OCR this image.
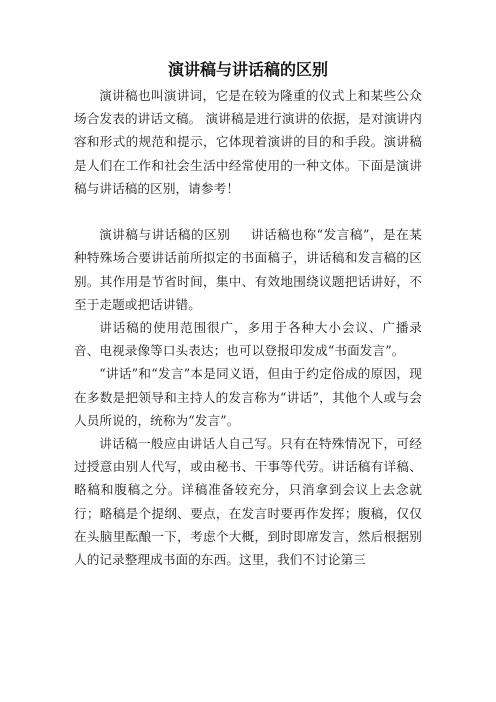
演讲稿与讲话稿的区别

演讲稿也叫演讲词，它是在较为隆重的仪式上和某些公众场合发表的讲话文稿。 演讲稿是进行演讲的依据，是对演讲内容和形式的规范和提示，它体现着演讲的目的和手段。演讲稿是人们在工作和社会生活中经常使用的一种文体。下面是演讲稿与讲话稿的区别，请参考！

演讲稿与讲话稿的区别 讲话稿也称“发言稿”，是在某种特殊场合要讲话前所拟定的书面稿子，讲话稿和发言稿的区别。其作用是节省时间，集中、有效地围绕议题把话讲好，不至于走题或把话讲错。

讲话稿的使用范围很广，多用于各种大小会议、广播录音、电视录像等口头表达；也可以登报印发成“书面发言”。

“讲话”和“发言”本是同义语，但由于约定俗成的原因，现在多数是把领导和主持人的发言称为“讲话”，其他个人或与会人员所说的，统称为“发言”。

讲话稿一般应由讲话人自己写。只有在特殊情况下，可经过授意由别人代写，或由秘书、干事等代劳。讲话稿有详稿、略稿和腹稿之分。详稿准备较充分，只消拿到会议上去念就行；略稿是个提纲、要点，在发言时要再作发挥；腹稿，仅仅在头脑里酝酿一下，考虑个大概，到时即席发言，然后根据别人的记录整理成书面的东西。这里，我们不讨论第三
